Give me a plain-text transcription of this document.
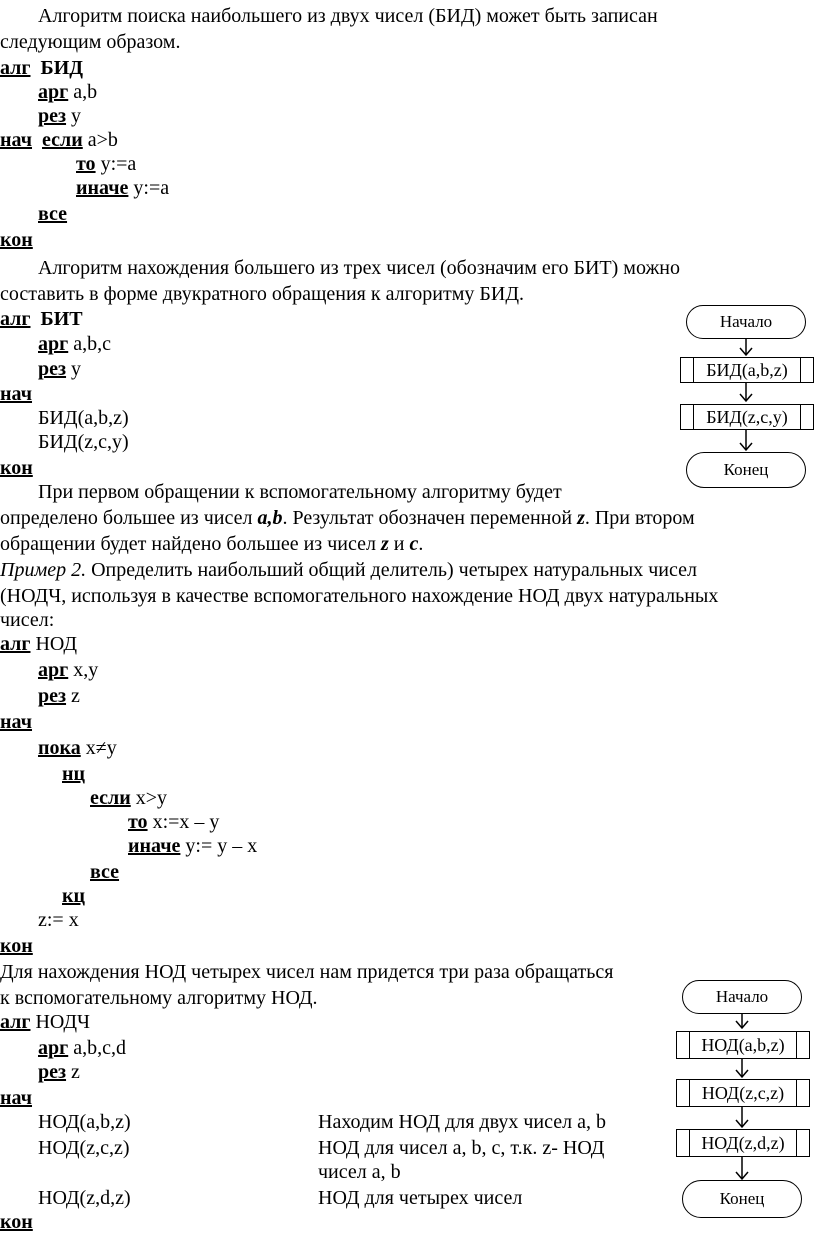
Алгоритм поиска наибольшего из двух чисел (БИД) может быть записан
следующим образом.
алг БИД
арг a,b
рез y
нач если a>b
то y:=a
иначе y:=a
все
кон
Алгоритм нахождения большего из трех чисел (обозначим его БИТ) можно
составить в форме двукратного обращения к алгоритму БИД.
алг БИТ
арг a,b,c
рез y
нач
БИД(a,b,z)
БИД(z,c,y)
кон
Начало
БИД(a,b,z)
БИД(z,c,y)
Конец
При первом обращении к вспомогательному алгоритму будет
определено большее из чисел a,b. Результат обозначен переменной z. При втором
обращении будет найдено большее из чисел z и c.
Пример 2. Определить наибольший общий делитель) четырех натуральных чисел
(НОДЧ, используя в качестве вспомогательного нахождение НОД двух натуральных
чисел:
алг НОД
арг x,y
рез z
нач
пока x≠y
нц
если x>y
то x:=x – y
иначе y:= y – x
все
кц
z:= x
кон
Для нахождения НОД четырех чисел нам придется три раза обращаться
к вспомогательному алгоритму НОД.
алг НОДЧ
арг a,b,c,d
рез z
нач
НОД(a,b,z)	Находим НОД для двух чисел a, b
НОД(z,c,z)	НОД для чисел a, b, c, т.к. z- НОД
чисел a, b
НОД(z,d,z)	НОД для четырех чисел
кон
Начало
НОД(a,b,z)
НОД(z,c,z)
НОД(z,d,z)
Конец
